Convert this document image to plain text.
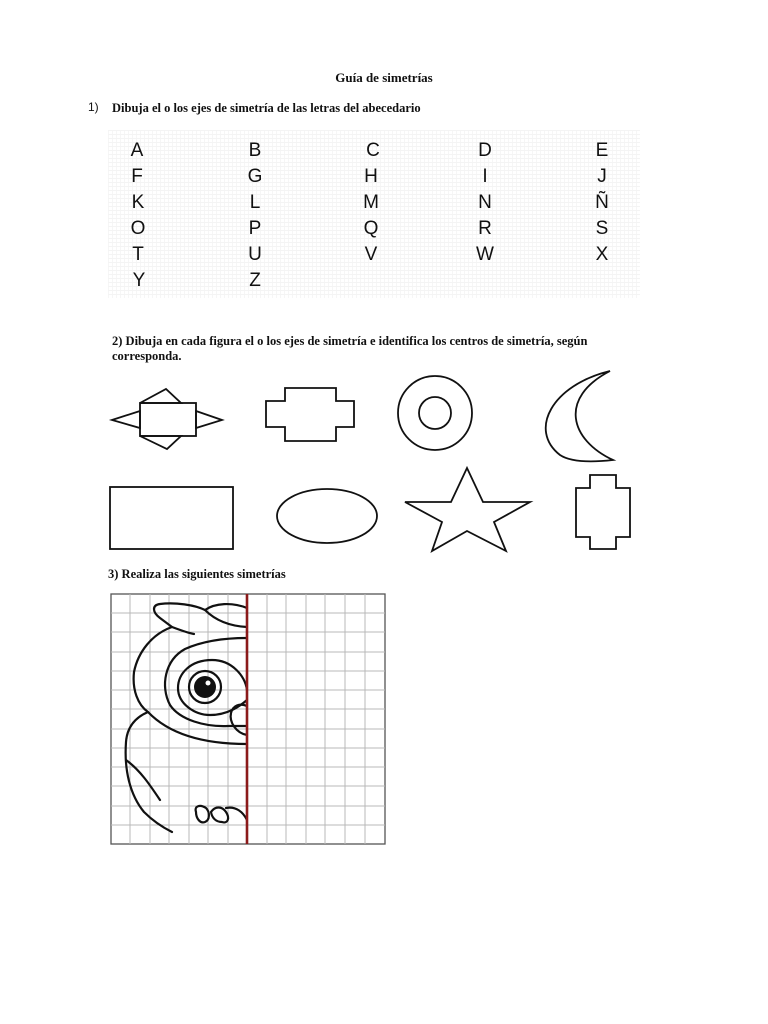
Guía de simetrías
1) Dibuja el o los ejes de simetría de las letras del abecedario
A	B	C	D	E
F	G	H	I	J
K	L	M	N	Ñ
O	P	Q	R	S
T	U	V	W	X
Y	Z
2) Dibuja en cada figura el o los ejes de simetría e identifica los centros de simetría, según corresponda.
3) Realiza las siguientes simetrías
